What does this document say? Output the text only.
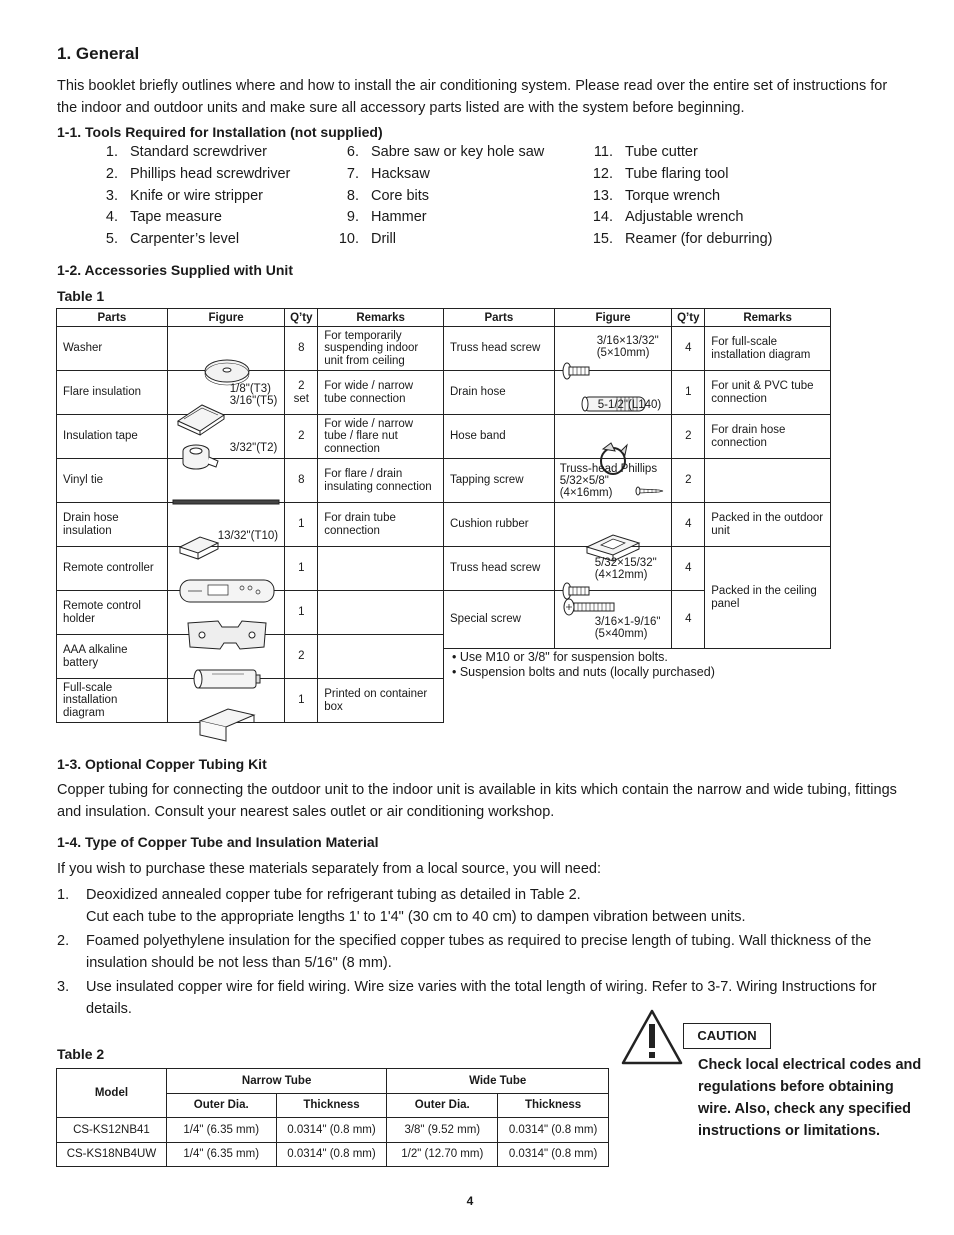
1. General
This booklet briefly outlines where and how to install the air conditioning system. Please read over the entire set of instructions for the indoor and outdoor units and make sure all accessory parts listed are with the system before beginning.
1-1. Tools Required for Installation (not supplied)
1. Standard screwdriver
2. Phillips head screwdriver
3. Knife or wire stripper
4. Tape measure
5. Carpenter’s level
6. Sabre saw or key hole saw
7. Hacksaw
8. Core bits
9. Hammer
10. Drill
11. Tube cutter
12. Tube flaring tool
13. Torque wrench
14. Adjustable wrench
15. Reamer (for deburring)
1-2. Accessories Supplied with Unit
Table 1
Parts	Figure	Q’ty	Remarks
Washer		8	For temporarily suspending indoor unit from ceiling
Flare insulation	1/8"(T3)
3/16"(T5)	2
set	For wide / narrow tube connection
Insulation tape	3/32"(T2)	2	For wide / narrow tube / flare nut connection
Vinyl tie		8	For flare / drain insulating connection
Drain hose insulation	13/32"(T10)	1	For drain tube connection
Remote controller		1	
Remote control holder		1	
AAA alkaline battery		2	
Full-scale installation diagram		1	Printed on container box
Parts	Figure	Q’ty	Remarks
Truss head screw	3/16×13/32"
(5×10mm)	4	For full-scale installation diagram
Drain hose	5-1/2"(L140)	1	For unit & PVC tube connection
Hose band		2	For drain hose connection
Tapping screw	Truss-head Phillips
5/32×5/8"
(4×16mm)	2	
Cushion rubber		4	Packed in the outdoor unit
Truss head screw	5/32×15/32"
(4×12mm)	4	Packed in the ceiling panel
Special screw	3/16×1-9/16"
(5×40mm)	4	
• Use M10 or 3/8" for suspension bolts.
• Suspension bolts and nuts (locally purchased)
1-3. Optional Copper Tubing Kit
Copper tubing for connecting the outdoor unit to the indoor unit is available in kits which contain the narrow and wide tubing, fittings and insulation. Consult your nearest sales outlet or air conditioning workshop.
1-4. Type of Copper Tube and Insulation Material
If you wish to purchase these materials separately from a local source, you will need:
1.	Deoxidized annealed copper tube for refrigerant tubing as detailed in Table 2.
Cut each tube to the appropriate lengths 1' to 1'4" (30 cm to 40 cm) to dampen vibration between units.
2.	Foamed polyethylene insulation for the specified copper tubes as required to precise length of tubing. Wall thickness of the insulation should be not less than 5/16" (8 mm).
3.	Use insulated copper wire for field wiring. Wire size varies with the total length of wiring. Refer to 3-7. Wiring Instructions for details.
Table 2
Model	Narrow Tube		Wide Tube	
	Outer Dia.	Thickness	Outer Dia.	Thickness
CS-KS12NB41	1/4" (6.35 mm)	0.0314" (0.8 mm)	3/8" (9.52 mm)	0.0314" (0.8 mm)
CS-KS18NB4UW	1/4" (6.35 mm)	0.0314" (0.8 mm)	1/2" (12.70 mm)	0.0314" (0.8 mm)
CAUTION
Check local electrical codes and regulations before obtaining wire. Also, check any specified instructions or limitations.
4
